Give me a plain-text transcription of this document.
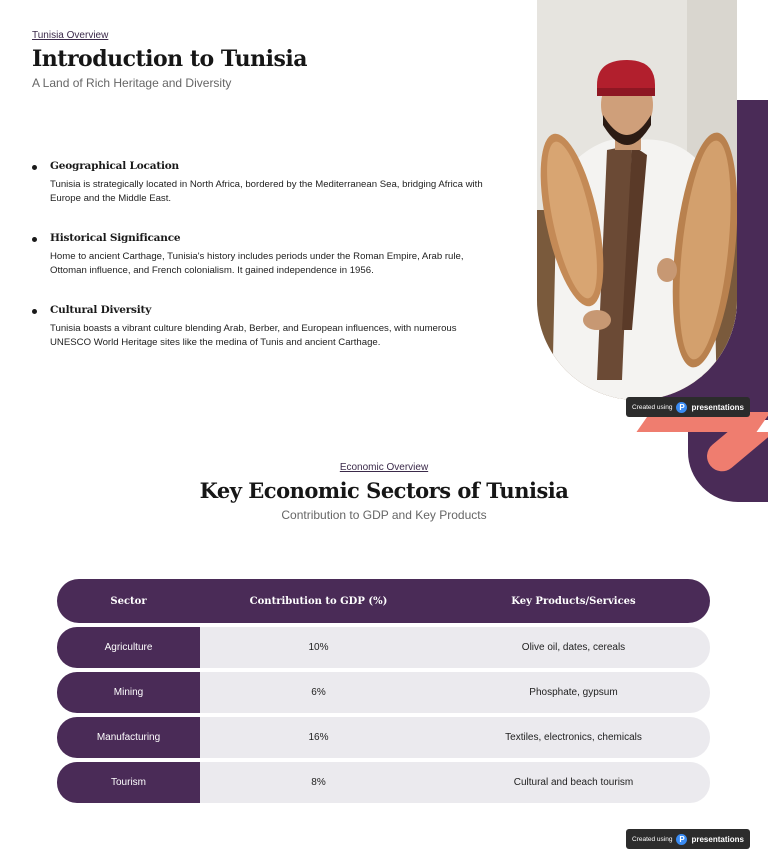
Created using P presentations
Tunisia Overview
Introduction to Tunisia
A Land of Rich Heritage and Diversity
Geographical Location

Tunisia is strategically located in North Africa, bordered by the Mediterranean Sea, bridging Africa with Europe and the Middle East.

Historical Significance

Home to ancient Carthage, Tunisia's history includes periods under the Roman Empire, Arab rule, Ottoman influence, and French colonialism. It gained independence in 1956.

Cultural Diversity

Tunisia boasts a vibrant culture blending Arab, Berber, and European influences, with numerous UNESCO World Heritage sites like the medina of Tunis and ancient Carthage.

Economic Overview
Key Economic Sectors of Tunisia
Contribution to GDP and Key Products
Sector	Contribution to GDP (%)	Key Products/Services
Agriculture	10%	Olive oil, dates, cereals
Mining	6%	Phosphate, gypsum
Manufacturing	16%	Textiles, electronics, chemicals
Tourism	8%	Cultural and beach tourism
Created using P presentations
